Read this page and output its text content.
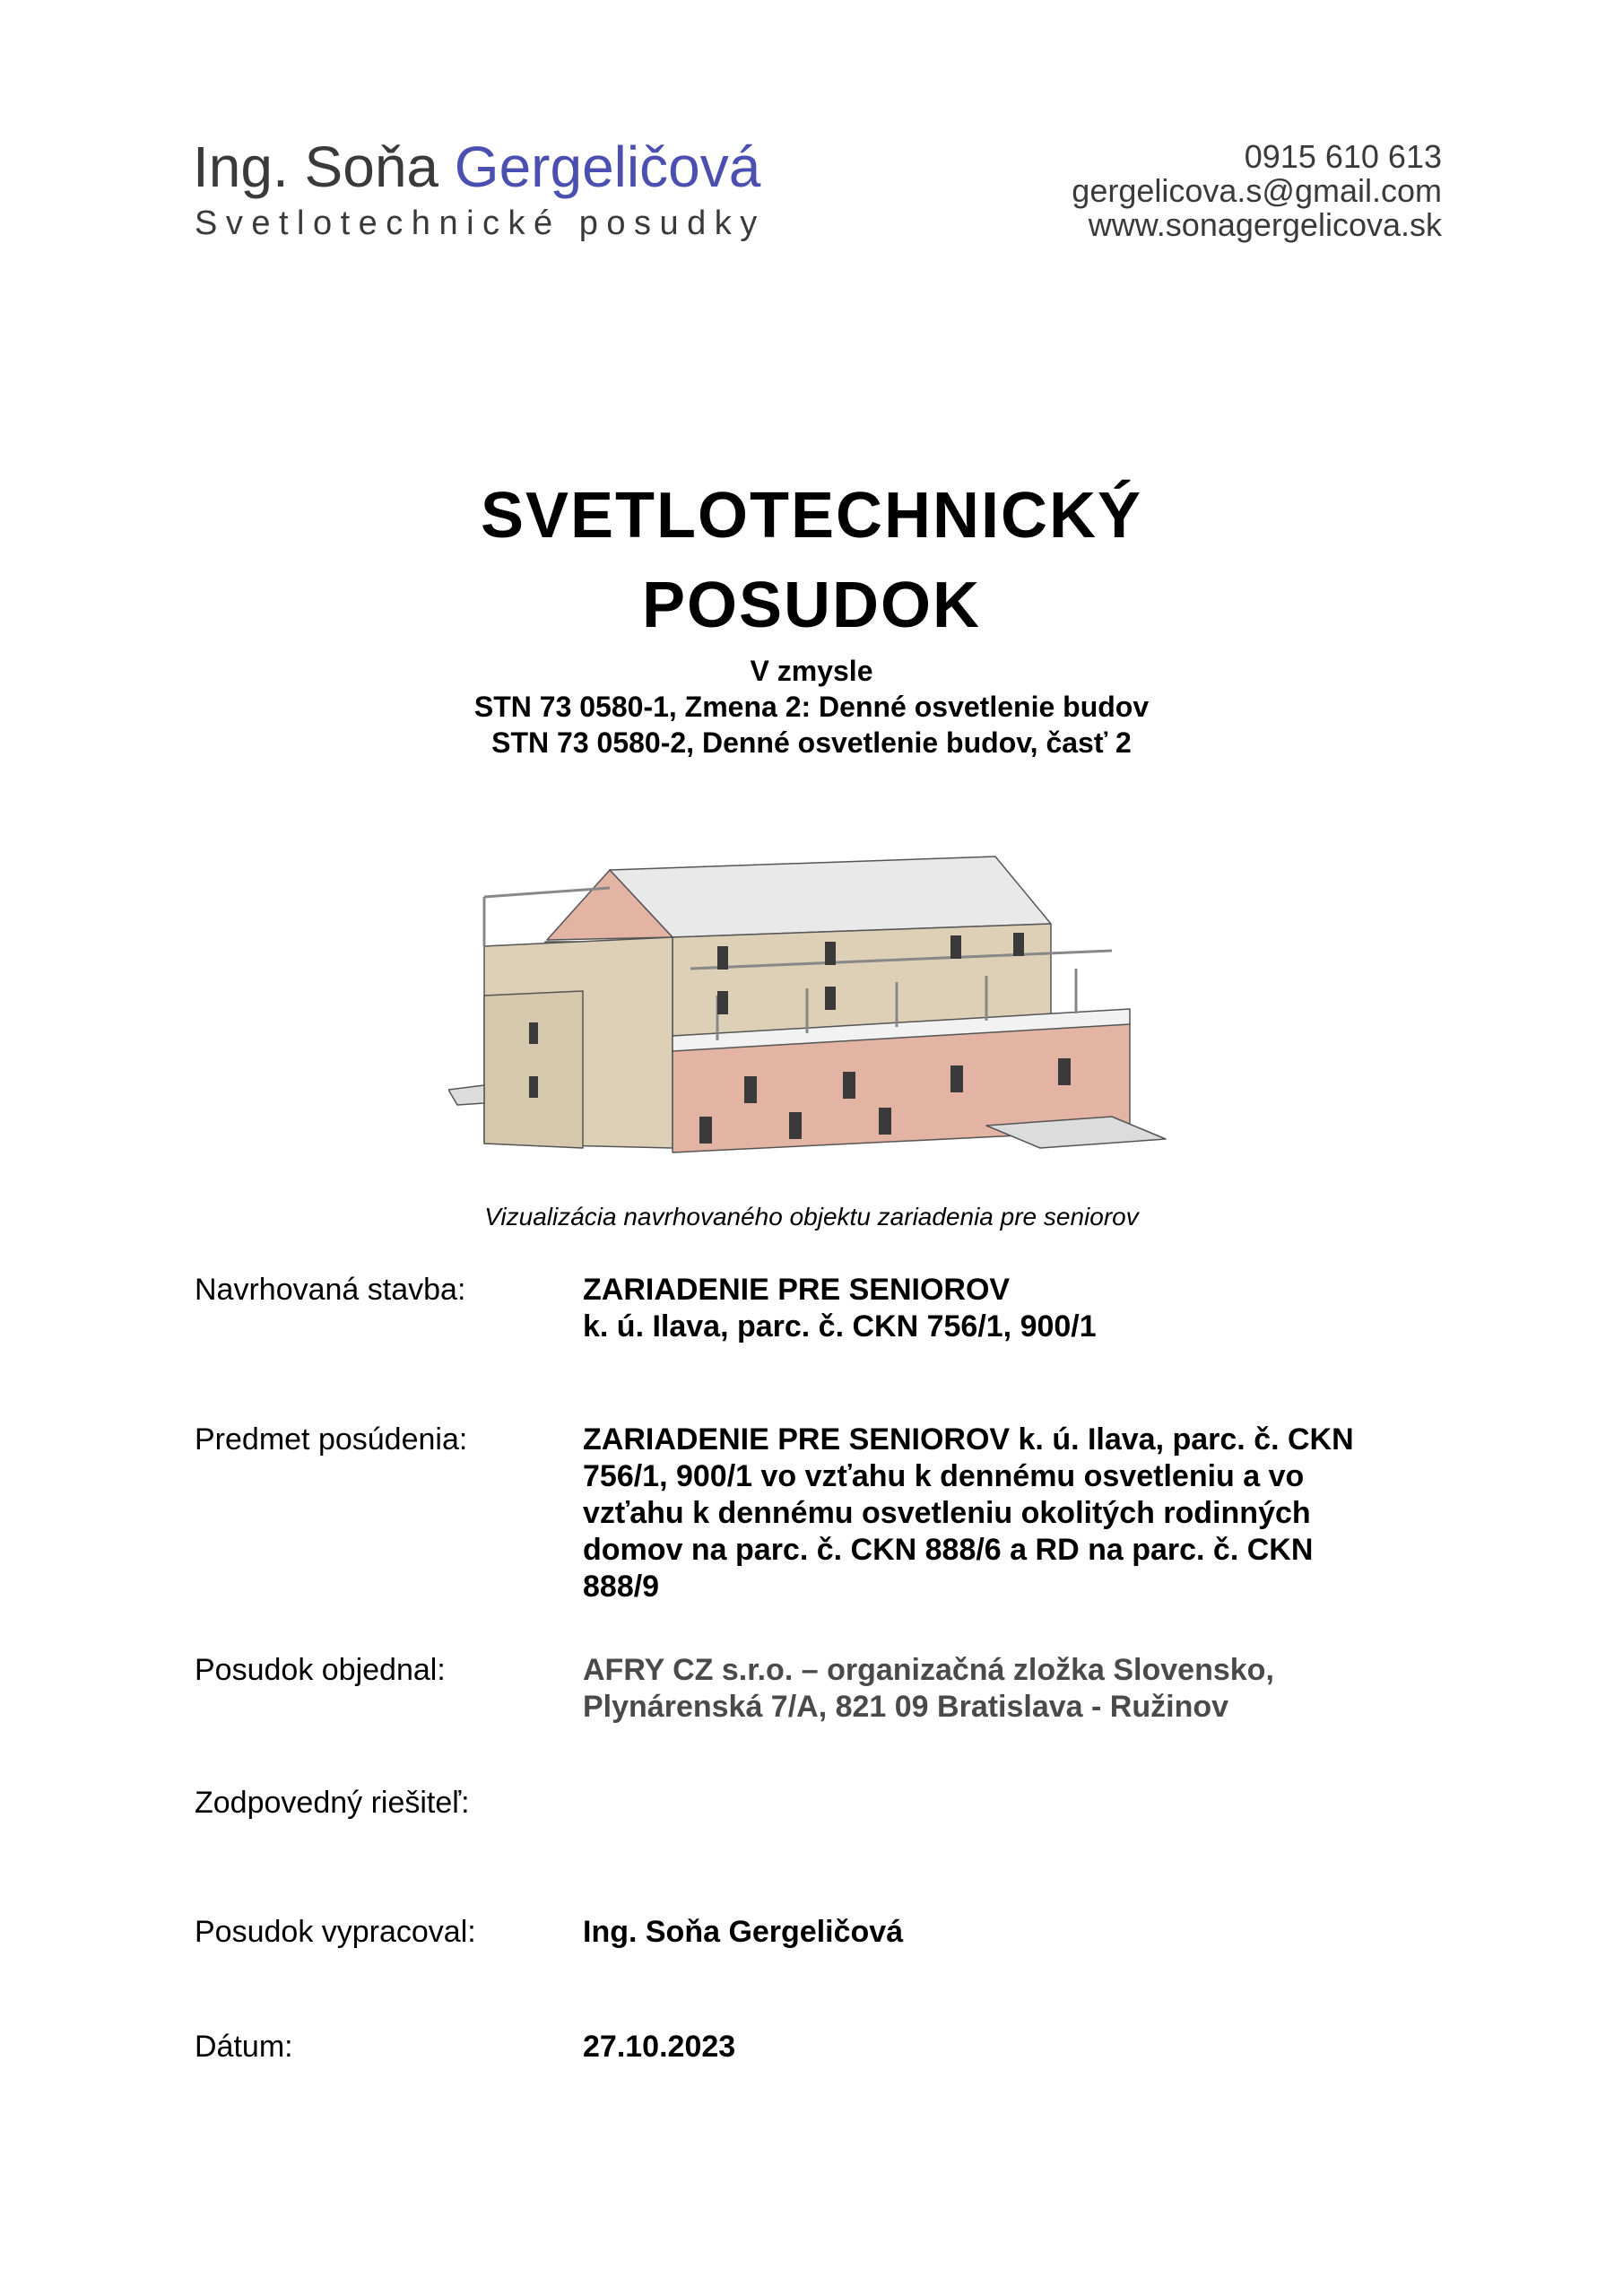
Ing. Soňa Gergeličová
Svetlotechnické posudky
0915 610 613
gergelicova.s@gmail.com
www.sonagergelicova.sk
SVETLOTECHNICKÝ
POSUDOK
V zmysle
STN 73 0580-1, Zmena 2: Denné osvetlenie budov
STN 73 0580-2, Denné osvetlenie budov, časť 2
Vizualizácia navrhovaného objektu zariadenia pre seniorov
Navrhovaná stavba:	ZARIADENIE PRE SENIOROV
k. ú. Ilava, parc. č. CKN 756/1, 900/1
Predmet posúdenia:	ZARIADENIE PRE SENIOROV k. ú. Ilava, parc. č. CKN
756/1, 900/1 vo vzťahu k dennému osvetleniu a vo
vzťahu k dennému osvetleniu okolitých rodinných
domov na parc. č. CKN 888/6 a RD na parc. č. CKN
888/9
Posudok objednal:	AFRY CZ s.r.o. – organizačná zložka Slovensko,
Plynárenská 7/A, 821 09 Bratislava - Ružinov
Zodpovedný riešiteľ:
Posudok vypracoval:	Ing. Soňa Gergeličová
Dátum:	27.10.2023
